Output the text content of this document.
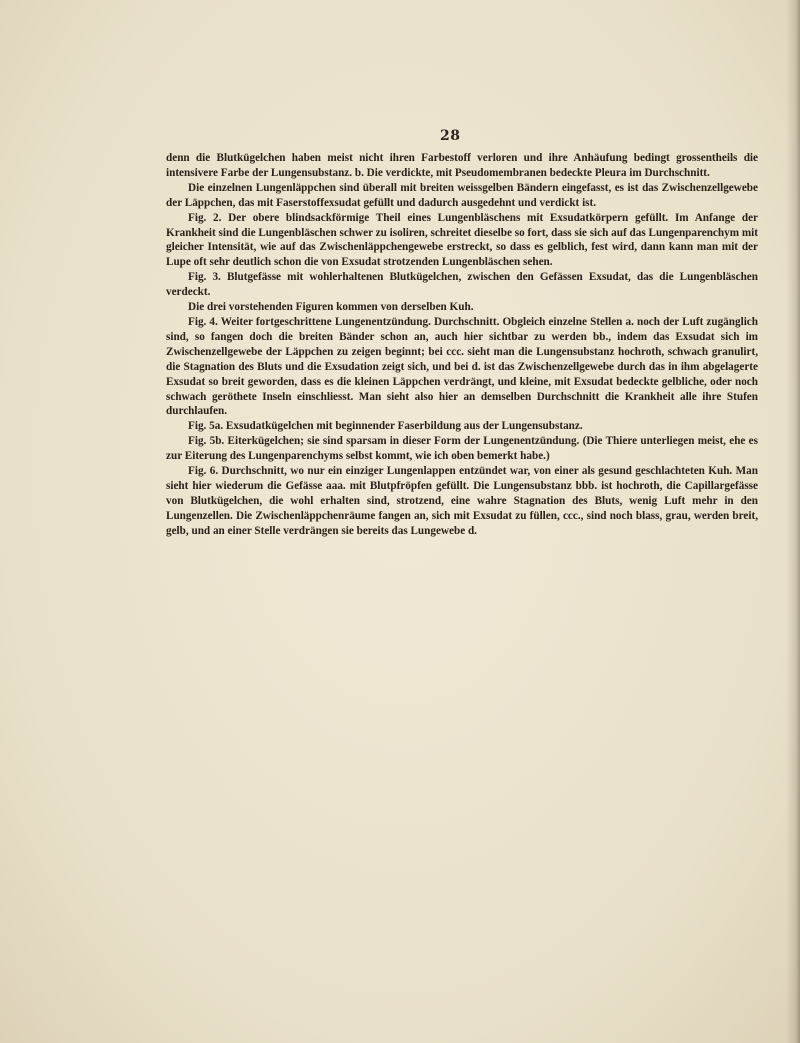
28

denn die Blutkügelchen haben meist nicht ihren Farbestoff verloren und ihre Anhäufung bedingt grossentheils die intensivere Farbe der Lungensubstanz. b. Die verdickte, mit Pseudomembranen bedeckte Pleura im Durchschnitt.

Die einzelnen Lungenläppchen sind überall mit breiten weissgelben Bändern eingefasst, es ist das Zwischenzellgewebe der Läppchen, das mit Faserstoffexsudat gefüllt und dadurch ausgedehnt und verdickt ist.

Fig. 2. Der obere blindsackförmige Theil eines Lungenbläschens mit Exsudatkörpern gefüllt. Im Anfange der Krankheit sind die Lungenbläschen schwer zu isoliren, schreitet dieselbe so fort, dass sie sich auf das Lungenparenchym mit gleicher Intensität, wie auf das Zwischenläppchengewebe erstreckt, so dass es gelblich, fest wird, dann kann man mit der Lupe oft sehr deutlich schon die von Exsudat strotzenden Lungenbläschen sehen.

Fig. 3. Blutgefässe mit wohlerhaltenen Blutkügelchen, zwischen den Gefässen Exsudat, das die Lungenbläschen verdeckt.

Die drei vorstehenden Figuren kommen von derselben Kuh.

Fig. 4. Weiter fortgeschrittene Lungenentzündung. Durchschnitt. Obgleich einzelne Stellen a. noch der Luft zugänglich sind, so fangen doch die breiten Bänder schon an, auch hier sichtbar zu werden bb., indem das Exsudat sich im Zwischenzellgewebe der Läppchen zu zeigen beginnt; bei ccc. sieht man die Lungensubstanz hochroth, schwach granulirt, die Stagnation des Bluts und die Exsudation zeigt sich, und bei d. ist das Zwischenzellgewebe durch das in ihm abgelagerte Exsudat so breit geworden, dass es die kleinen Läppchen verdrängt, und kleine, mit Exsudat bedeckte gelbliche, oder noch schwach geröthete Inseln einschliesst. Man sieht also hier an demselben Durchschnitt die Krankheit alle ihre Stufen durchlaufen.

Fig. 5a. Exsudatkügelchen mit beginnender Faserbildung aus der Lungensubstanz.

Fig. 5b. Eiterkügelchen; sie sind sparsam in dieser Form der Lungenentzündung. (Die Thiere unterliegen meist, ehe es zur Eiterung des Lungenparenchyms selbst kommt, wie ich oben bemerkt habe.)

Fig. 6. Durchschnitt, wo nur ein einziger Lungenlappen entzündet war, von einer als gesund geschlachteten Kuh. Man sieht hier wiederum die Gefässe aaa. mit Blutpfröpfen gefüllt. Die Lungensubstanz bbb. ist hochroth, die Capillargefässe von Blutkügelchen, die wohl erhalten sind, strotzend, eine wahre Stagnation des Bluts, wenig Luft mehr in den Lungenzellen. Die Zwischenläppchenräume fangen an, sich mit Exsudat zu füllen, ccc., sind noch blass, grau, werden breit, gelb, und an einer Stelle verdrängen sie bereits das Lungewebe d.
